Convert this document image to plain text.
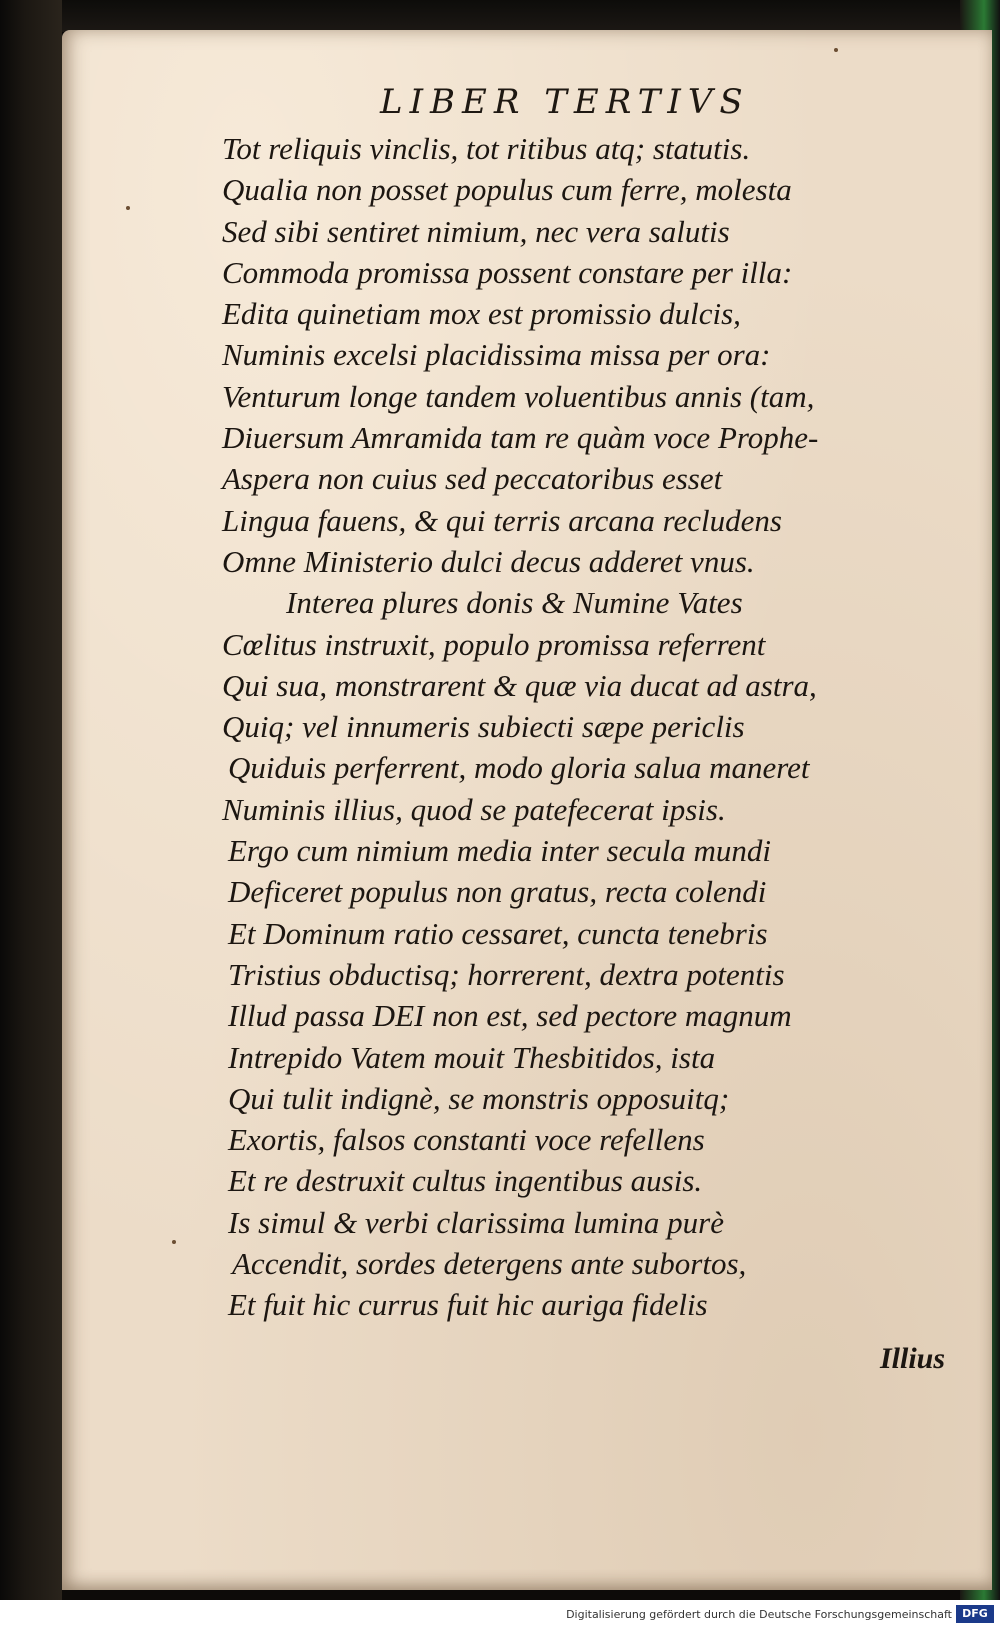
LIBER TERTIVS
Tot reliquis vinclis, tot ritibus atq; statutis.
Qualia non posset populus cum ferre, molesta
Sed sibi sentiret nimium, nec vera salutis
Commoda promissa possent constare per illa:
Edita quinetiam mox est promissio dulcis,
Numinis excelsi placidissima missa per ora:
Venturum longe tandem voluentibus annis (tam,
Diuersum Amramida tam re quàm voce Prophe-
Aspera non cuius sed peccatoribus esset
Lingua fauens, & qui terris arcana recludens
Omne Ministerio dulci decus adderet vnus.
Interea plures donis & Numine Vates
Cœlitus instruxit, populo promissa referrent
Qui sua, monstrarent & quæ via ducat ad astra,
Quiq; vel innumeris subiecti sæpe periclis
Quiduis perferrent, modo gloria salua maneret
Numinis illius, quod se patefecerat ipsis.
Ergo cum nimium media inter secula mundi
Deficeret populus non gratus, recta colendi
Et Dominum ratio cessaret, cuncta tenebris
Tristius obductisq; horrerent, dextra potentis
Illud passa DEI non est, sed pectore magnum
Intrepido Vatem mouit Thesbitidos, ista
Qui tulit indignè, se monstris opposuitq;
Exortis, falsos constanti voce refellens
Et re destruxit cultus ingentibus ausis.
Is simul & verbi clarissima lumina purè
Accendit, sordes detergens ante subortos,
Et fuit hic currus fuit hic auriga fidelis
Illius
Digitalisierung gefördert durch die Deutsche Forschungsgemeinschaft DFG
